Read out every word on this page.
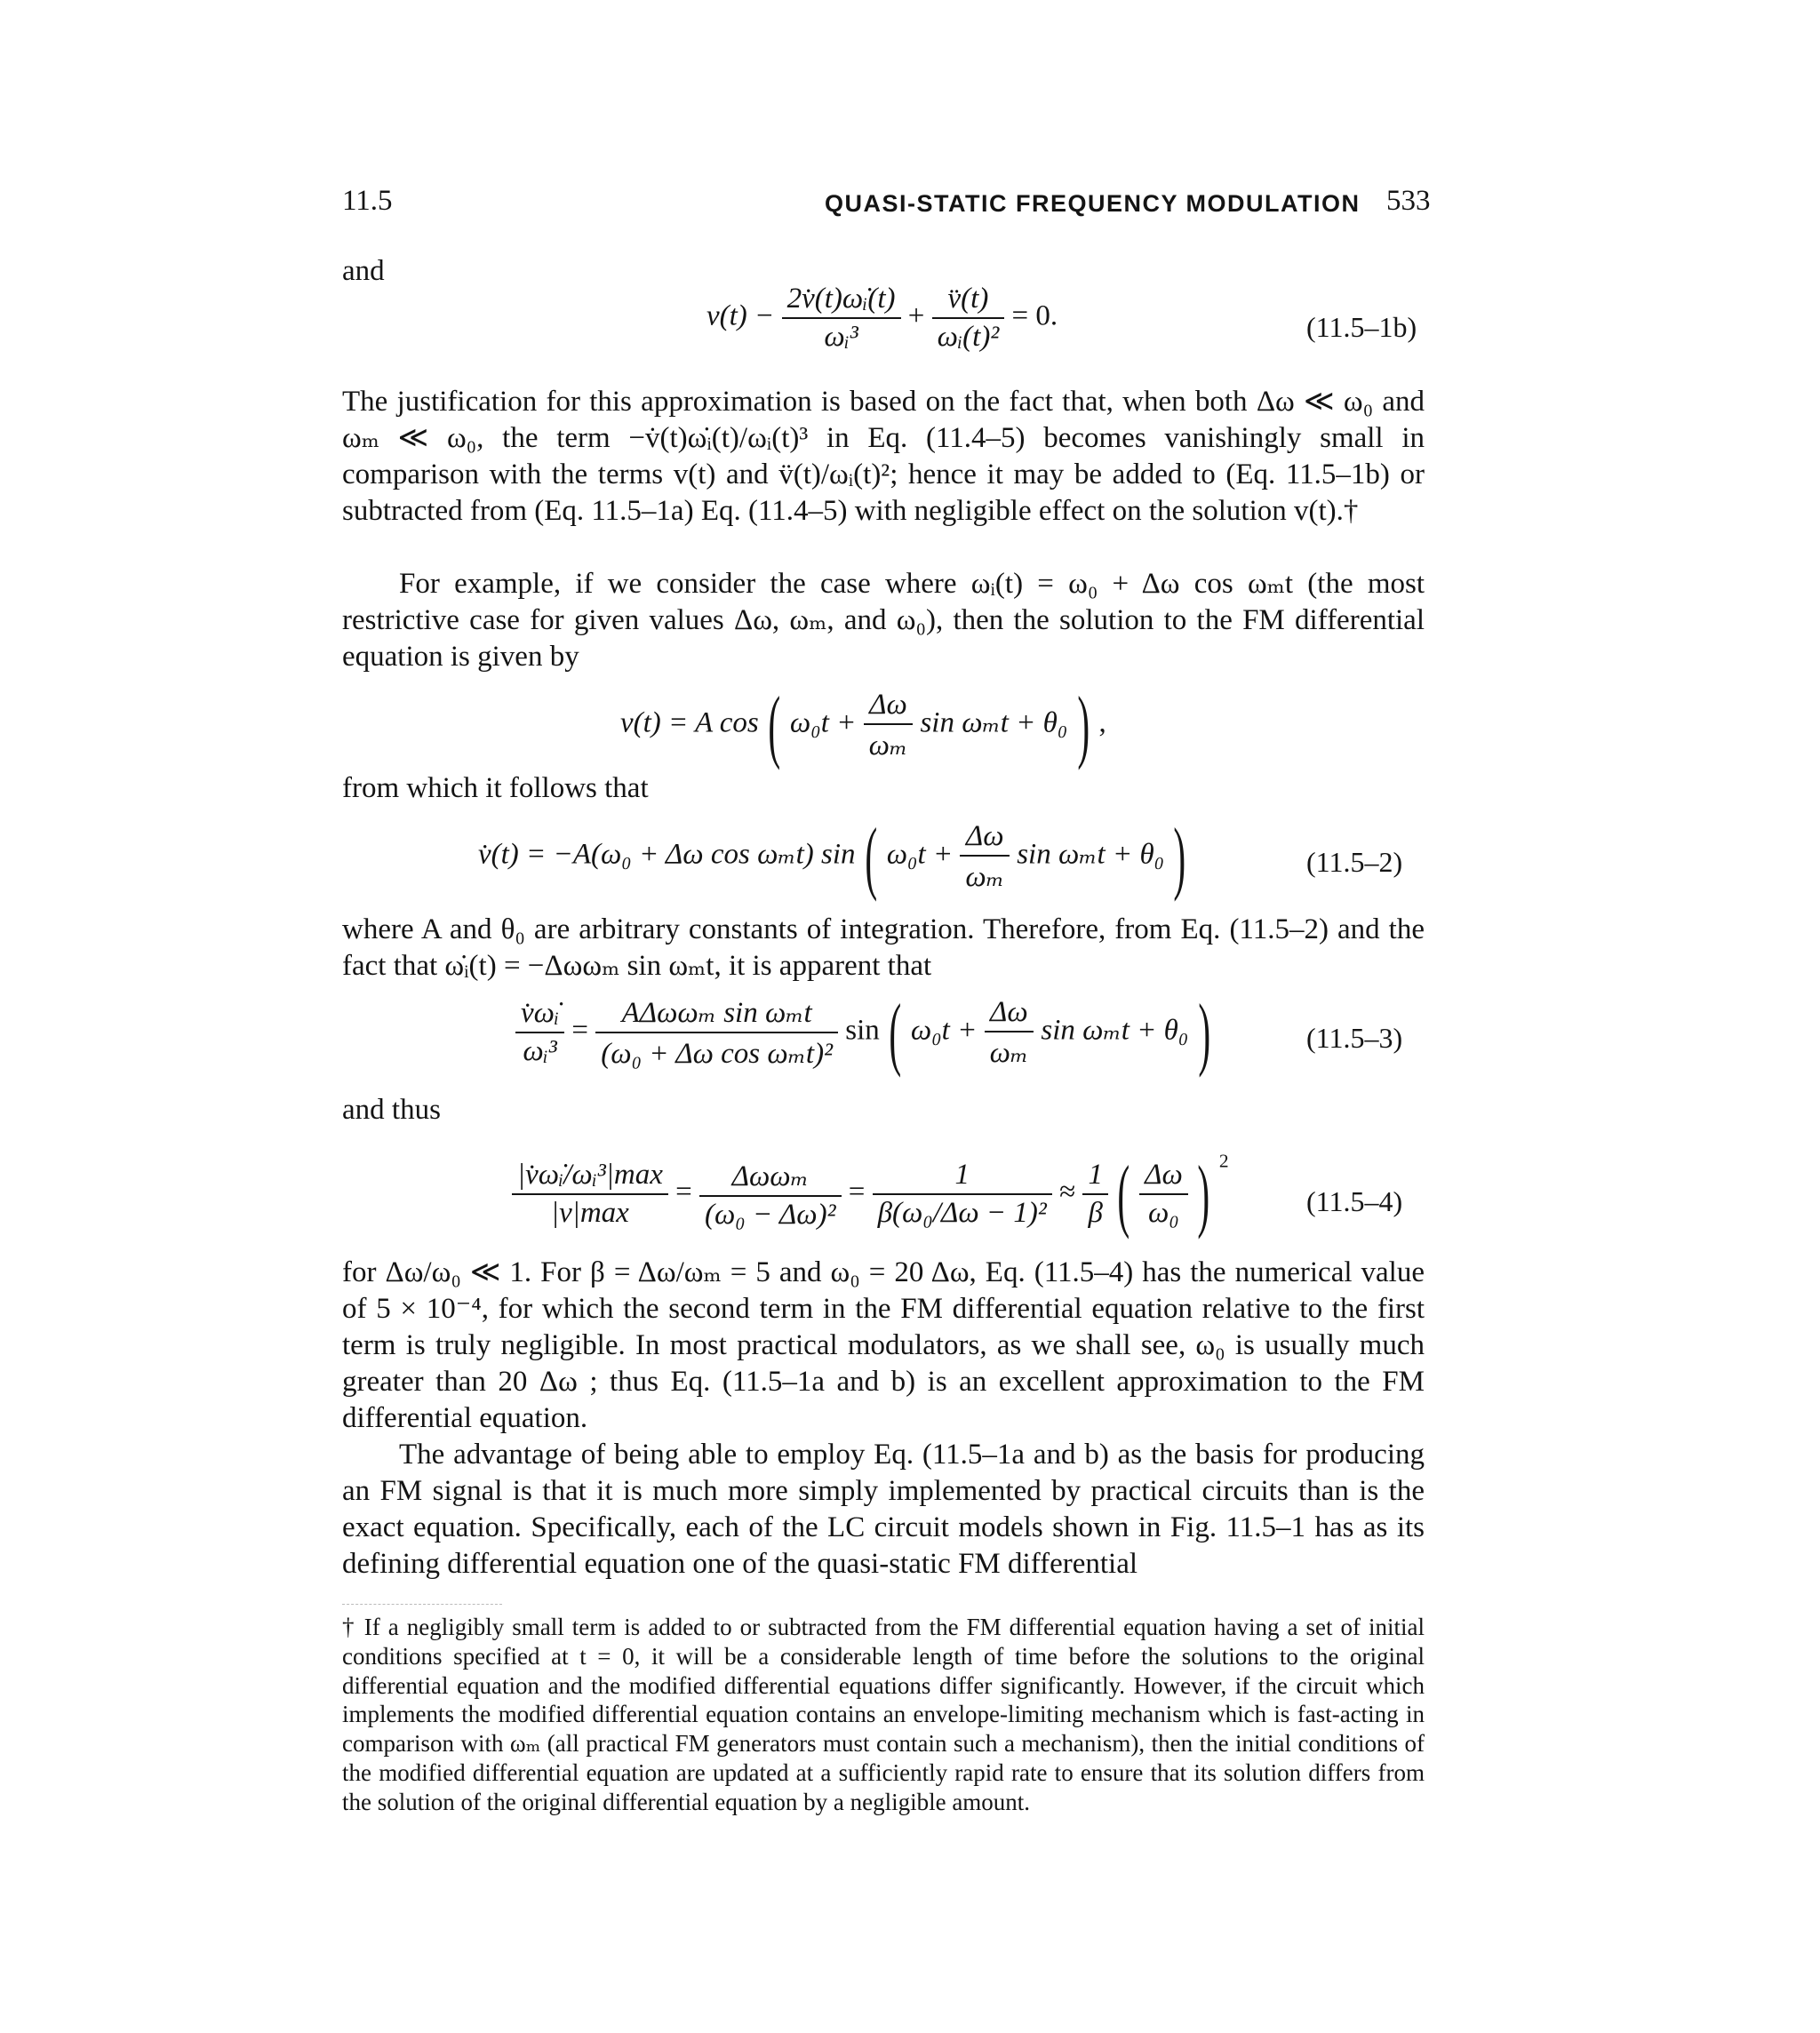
11.5	QUASI-STATIC FREQUENCY MODULATION 533
and
$v(t) - \frac{\text{2v̇(t)ω̇ᵢ(t)}}{\text{ωᵢ³}} + \frac{v̈(t)}{\text{ωᵢ(t)²}} = 0$.	(11.5–1b)
The justification for this approximation is based on the fact that, when both Δω ≪ ω₀ and ωₘ ≪ ω₀, the term −v̇(t)ω̇ᵢ(t)/ωᵢ(t)³ in Eq. (11.4–5) becomes vanishingly small in comparison with the terms v(t) and v̈(t)/ωᵢ(t)²; hence it may be added to (Eq. 11.5–1b) or subtracted from (Eq. 11.5–1a) Eq. (11.4–5) with negligible effect on the solution v(t).†
For example, if we consider the case where ωᵢ(t) = ω₀ + Δω cos ωₘt (the most restrictive case for given values Δω, ωₘ, and ω₀), then the solution to the FM differential equation is given by
v(t) = A cos ( $\omega_0t + \frac{\Delta\omega}{\text{ωₘ}}$ sin ωₘt + θ₀ ) ,
from which it follows that
v̇(t) = −A(ω₀ + Δω cos ωₘt) sin ( $\omega_0t + \frac{\Delta\omega}{\text{ωₘ}}$ sin ωₘt + θ₀ )	(11.5–2)
where A and θ₀ are arbitrary constants of integration. Therefore, from Eq. (11.5–2) and the fact that ω̇ᵢ(t) = −Δωωₘ sin ωₘt, it is apparent that
$\frac{\text{v̇ω̇ᵢ}}{\text{ωᵢ³}}$ =
AΔωωₘ sin ωₘt
(ω₀ + Δω cos ωₘt)²
sin ( $\omega_0t + \frac{\Delta\omega}{\text{ωₘ}}$ sin ωₘt + θ₀ )	(11.5–3)
and thus
|v̇ω̇ᵢ/ωᵢ³|max
|v|max
=
Δωωₘ
(ω₀ − Δω)²
= $\frac{1}{\text{β(ω₀/Δω − 1)²}} \approx \frac{1}{\beta}$ ( $\frac{\Delta\omega}{\text{ω₀}}$ ) $^2$
(11.5–4)
for Δω/ω₀ ≪ 1. For β = Δω/ωₘ = 5 and ω₀ = 20 Δω, Eq. (11.5–4) has the numerical value of 5 × 10⁻⁴, for which the second term in the FM differential equation relative to the first term is truly negligible. In most practical modulators, as we shall see, ω₀ is usually much greater than 20 Δω ; thus Eq. (11.5–1a and b) is an excellent approximation to the FM differential equation.
The advantage of being able to employ Eq. (11.5–1a and b) as the basis for producing an FM signal is that it is much more simply implemented by practical circuits than is the exact equation. Specifically, each of the LC circuit models shown in Fig. 11.5–1 has as its defining differential equation one of the quasi-static FM differential
† If a negligibly small term is added to or subtracted from the FM differential equation having a set of initial conditions specified at t = 0, it will be a considerable length of time before the solutions to the original differential equation and the modified differential equations differ significantly. However, if the circuit which implements the modified differential equation contains an envelope-limiting mechanism which is fast-acting in comparison with ωₘ (all practical FM generators must contain such a mechanism), then the initial conditions of the modified differential equation are updated at a sufficiently rapid rate to ensure that its solution differs from the solution of the original differential equation by a negligible amount.
